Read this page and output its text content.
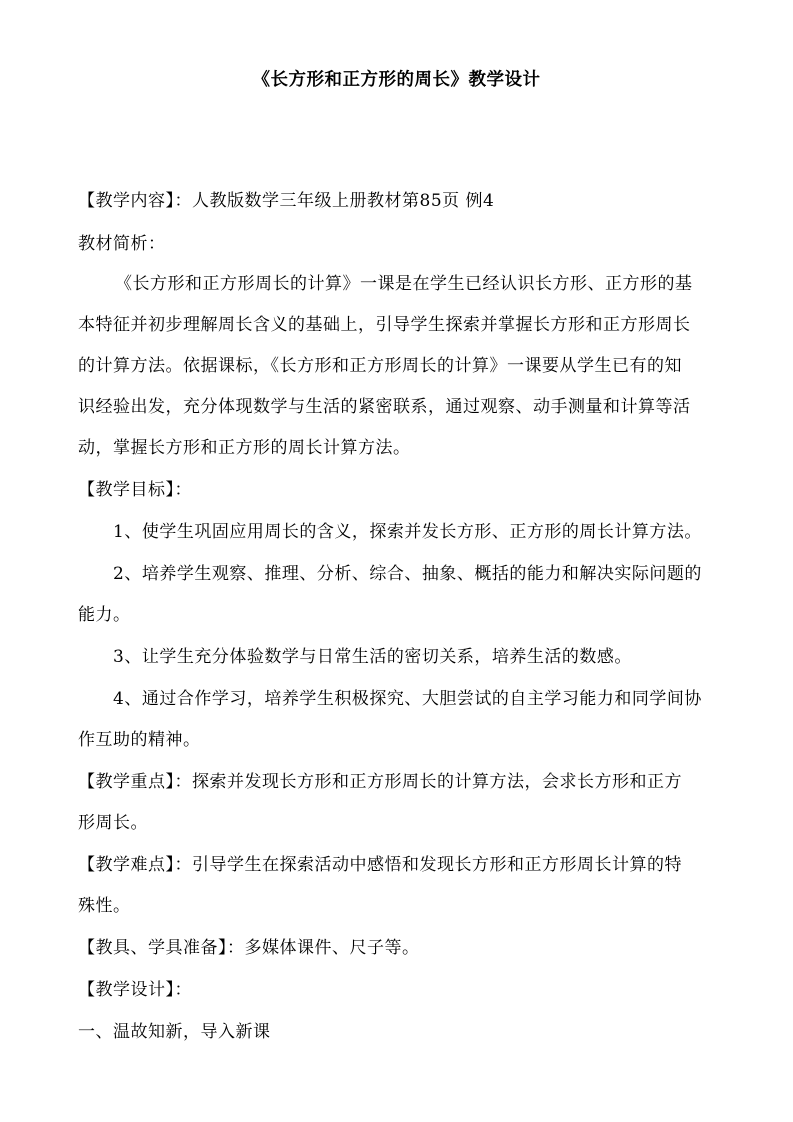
《长方形和正方形的周长》教学设计
【教学内容】：人教版数学三年级上册教材第85页 例4
教材简析：
《长方形和正方形周长的计算》一课是在学生已经认识长方形、正方形的基
本特征并初步理解周长含义的基础上，引导学生探索并掌握长方形和正方形周长
的计算方法。依据课标，《长方形和正方形周长的计算》一课要从学生已有的知
识经验出发，充分体现数学与生活的紧密联系，通过观察、动手测量和计算等活
动，掌握长方形和正方形的周长计算方法。
【教学目标】：
1、使学生巩固应用周长的含义，探索并发长方形、正方形的周长计算方法。
2、培养学生观察、推理、分析、综合、抽象、概括的能力和解决实际问题的
能力。
3、让学生充分体验数学与日常生活的密切关系，培养生活的数感。
4、通过合作学习，培养学生积极探究、大胆尝试的自主学习能力和同学间协
作互助的精神。
【教学重点】：探索并发现长方形和正方形周长的计算方法，会求长方形和正方
形周长。
【教学难点】：引导学生在探索活动中感悟和发现长方形和正方形周长计算的特
殊性。
【教具、学具准备】：多媒体课件、尺子等。
【教学设计】：
一、温故知新，导入新课
